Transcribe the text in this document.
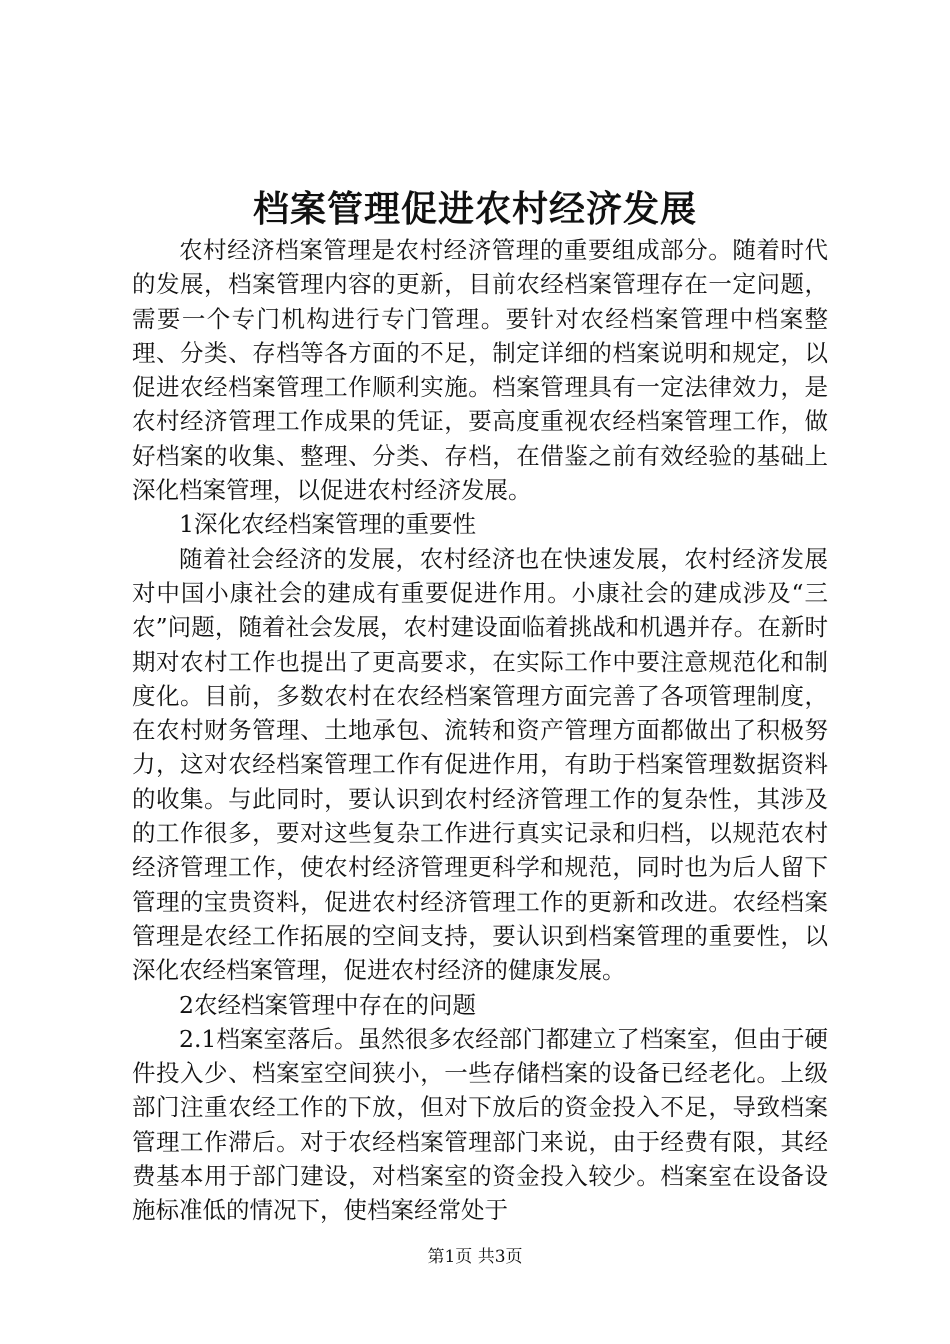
档案管理促进农村经济发展

农村经济档案管理是农村经济管理的重要组成部分。随着时代的发展，档案管理内容的更新，目前农经档案管理存在一定问题，需要一个专门机构进行专门管理。要针对农经档案管理中档案整理、分类、存档等各方面的不足，制定详细的档案说明和规定，以促进农经档案管理工作顺利实施。档案管理具有一定法律效力，是农村经济管理工作成果的凭证，要高度重视农经档案管理工作，做好档案的收集、整理、分类、存档，在借鉴之前有效经验的基础上深化档案管理，以促进农村经济发展。

1深化农经档案管理的重要性

随着社会经济的发展，农村经济也在快速发展，农村经济发展对中国小康社会的建成有重要促进作用。小康社会的建成涉及“三农”问题，随着社会发展，农村建设面临着挑战和机遇并存。在新时期对农村工作也提出了更高要求，在实际工作中要注意规范化和制度化。目前，多数农村在农经档案管理方面完善了各项管理制度，在农村财务管理、土地承包、流转和资产管理方面都做出了积极努力，这对农经档案管理工作有促进作用，有助于档案管理数据资料的收集。与此同时，要认识到农村经济管理工作的复杂性，其涉及的工作很多，要对这些复杂工作进行真实记录和归档，以规范农村经济管理工作，使农村经济管理更科学和规范，同时也为后人留下管理的宝贵资料，促进农村经济管理工作的更新和改进。农经档案管理是农经工作拓展的空间支持，要认识到档案管理的重要性，以深化农经档案管理，促进农村经济的健康发展。

2农经档案管理中存在的问题

2.1档案室落后。虽然很多农经部门都建立了档案室，但由于硬件投入少、档案室空间狭小，一些存储档案的设备已经老化。上级部门注重农经工作的下放，但对下放后的资金投入不足，导致档案管理工作滞后。对于农经档案管理部门来说，由于经费有限，其经费基本用于部门建设，对档案室的资金投入较少。档案室在设备设施标准低的情况下，使档案经常处于

第1页 共3页
